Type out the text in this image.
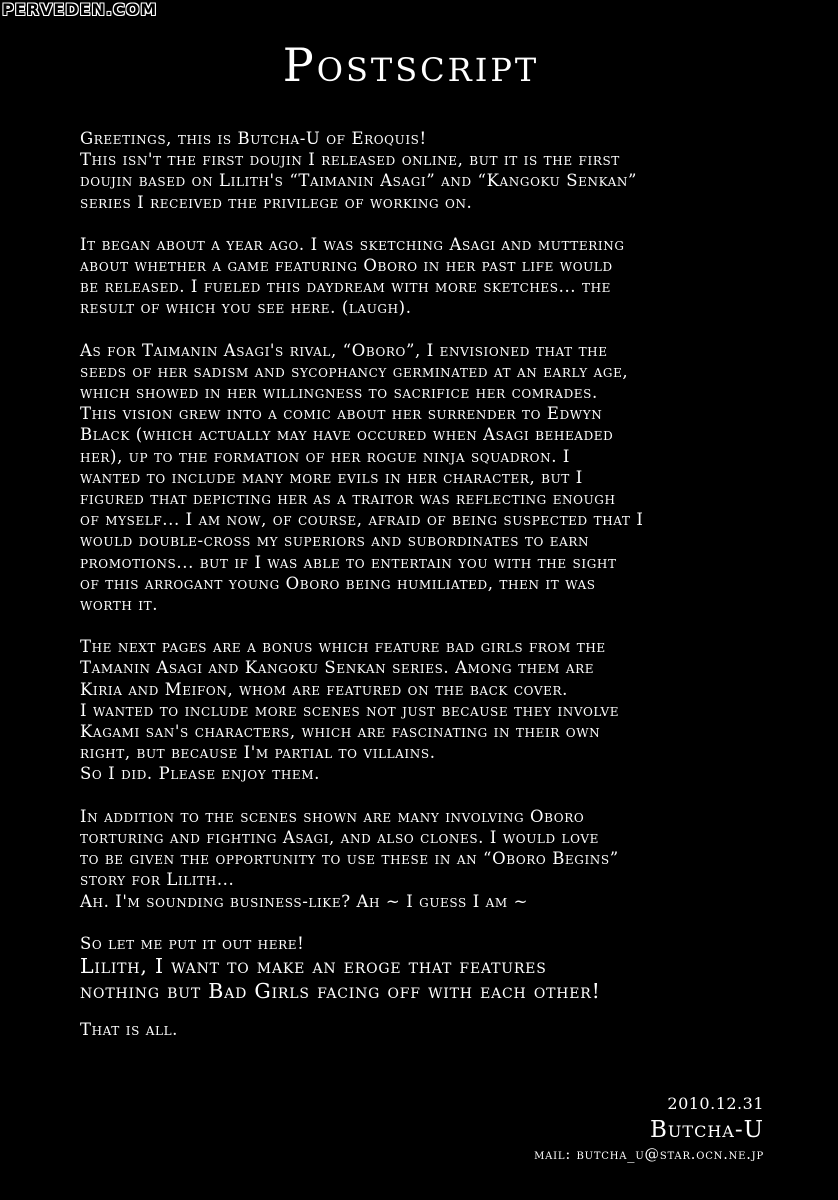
PERVEDEN.COM
Postscript

Greetings, this is Butcha-U of Eroquis!
This isn't the first doujin I released online, but it is the first
doujin based on Lilith's “Taimanin Asagi” and “Kangoku Senkan”
series I received the privilege of working on.

It began about a year ago. I was sketching Asagi and muttering
about whether a game featuring Oboro in her past life would
be released. I fueled this daydream with more sketches... the
result of which you see here. (laugh).

As for Taimanin Asagi's rival, “Oboro”, I envisioned that the
seeds of her sadism and sycophancy germinated at an early age,
which showed in her willingness to sacrifice her comrades.
This vision grew into a comic about her surrender to Edwyn
Black (which actually may have occured when Asagi beheaded
her), up to the formation of her rogue ninja squadron. I
wanted to include many more evils in her character, but I
figured that depicting her as a traitor was reflecting enough
of myself... I am now, of course, afraid of being suspected that I
would double-cross my superiors and subordinates to earn
promotions... but if I was able to entertain you with the sight
of this arrogant young Oboro being humiliated, then it was
worth it.

The next pages are a bonus which feature bad girls from the
Tamanin Asagi and Kangoku Senkan series. Among them are
Kiria and Meifon, whom are featured on the back cover.
I wanted to include more scenes not just because they involve
Kagami san's characters, which are fascinating in their own
right, but because I'm partial to villains.
So I did. Please enjoy them.

In addition to the scenes shown are many involving Oboro
torturing and fighting Asagi, and also clones. I would love
to be given the opportunity to use these in an “Oboro Begins”
story for Lilith...
Ah. I'm sounding business-like? Ah ~ I guess I am ~

So let me put it out here!
Lilith, I want to make an eroge that features
nothing but Bad Girls facing off with each other!

That is all.

2010.12.31
Butcha-U
mail: butcha_u@star.ocn.ne.jp
